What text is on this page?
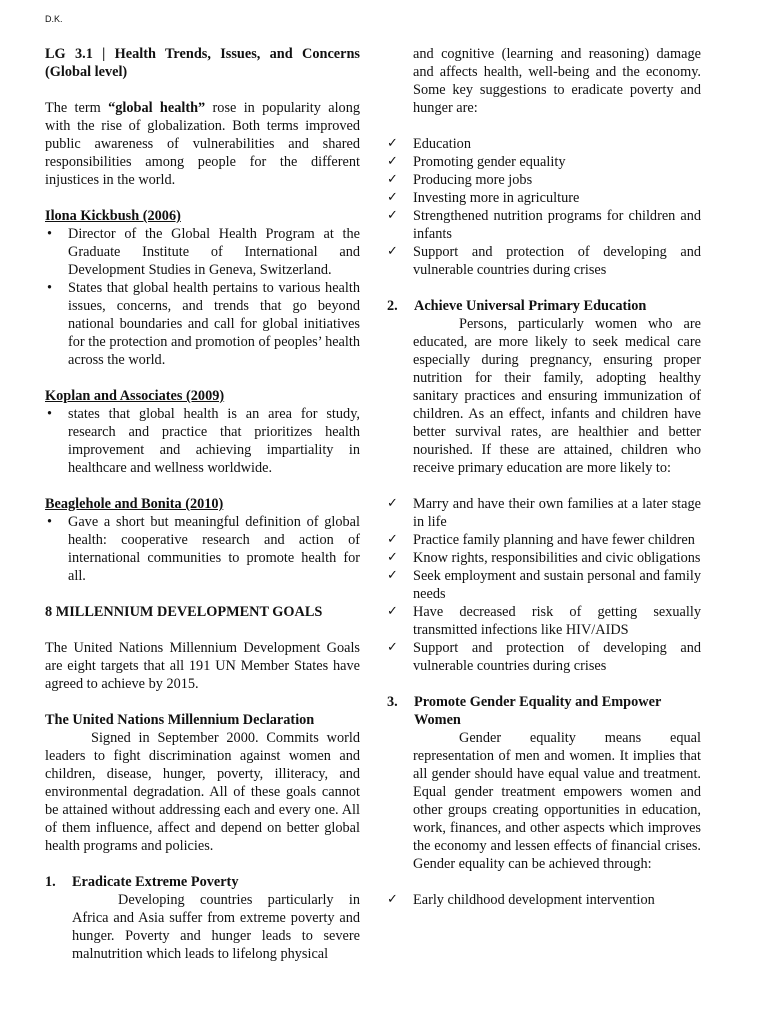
D.K.

LG 3.1 | Health Trends, Issues, and Concerns (Global level)

The term “global health” rose in popularity along with the rise of globalization. Both terms improved public awareness of vulnerabilities and shared responsibilities among people for the different injustices in the world.

Ilona Kickbush (2006)

• Director of the Global Health Program at the Graduate Institute of International and Development Studies in Geneva, Switzerland.
• States that global health pertains to various health issues, concerns, and trends that go beyond national boundaries and call for global initiatives for the protection and promotion of peoples’ health across the world.

Koplan and Associates (2009)

• states that global health is an area for study, research and practice that prioritizes health improvement and achieving impartiality in healthcare and wellness worldwide.

Beaglehole and Bonita (2010)

• Gave a short but meaningful definition of global health: cooperative research and action of international communities to promote health for all.

8 MILLENNIUM DEVELOPMENT GOALS

The United Nations Millennium Development Goals are eight targets that all 191 UN Member States have agreed to achieve by 2015.

The United Nations Millennium Declaration

Signed in September 2000. Commits world leaders to fight discrimination against women and children, disease, hunger, poverty, illiteracy, and environmental degradation. All of these goals cannot be attained without addressing each and every one. All of them influence, affect and depend on better global health programs and policies.

1.	Eradicate Extreme Poverty

Developing countries particularly in Africa and Asia suffer from extreme poverty and hunger. Poverty and hunger leads to severe malnutrition which leads to lifelong physical

and cognitive (learning and reasoning) damage and affects health, well-being and the economy. Some key suggestions to eradicate poverty and hunger are:

✓ Education
✓ Promoting gender equality
✓ Producing more jobs
✓ Investing more in agriculture
✓ Strengthened nutrition programs for children and infants
✓ Support and protection of developing and vulnerable countries during crises
2.	Achieve Universal Primary Education

Persons, particularly women who are educated, are more likely to seek medical care especially during pregnancy, ensuring proper nutrition for their family, adopting healthy sanitary practices and ensuring immunization of children. As an effect, infants and children have better survival rates, are healthier and better nourished. If these are attained, children who receive primary education are more likely to:

✓ Marry and have their own families at a later stage in life
✓ Practice family planning and have fewer children
✓ Know rights, responsibilities and civic obligations
✓ Seek employment and sustain personal and family needs
✓ Have decreased risk of getting sexually transmitted infections like HIV/AIDS
✓ Support and protection of developing and vulnerable countries during crises
3.	Promote Gender Equality and Empower Women

Gender equality means equal representation of men and women. It implies that all gender should have equal value and treatment. Equal gender treatment empowers women and other groups creating opportunities in education, work, finances, and other aspects which improves the economy and lessen effects of financial crises. Gender equality can be achieved through:

✓ Early childhood development intervention
